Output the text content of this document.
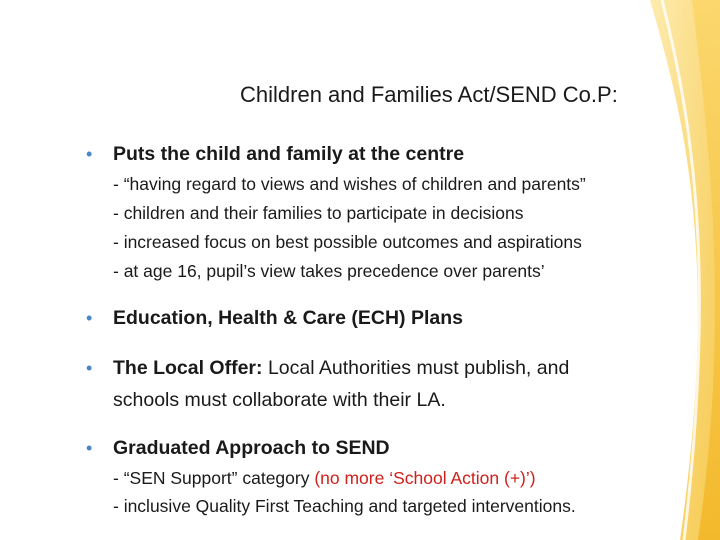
Children and Families Act/SEND Co.P:
• Puts the child and family at the centre
- “having regard to views and wishes of children and parents”
- children and their families to participate in decisions
- increased focus on best possible outcomes and aspirations
- at age 16, pupil’s view takes precedence over parents’
• Education, Health & Care (ECH) Plans
• The Local Offer: Local Authorities must publish, and
schools must collaborate with their LA.
• Graduated Approach to SEND
- “SEN Support” category (no more ‘School Action (+)’)
- inclusive Quality First Teaching and targeted interventions.
